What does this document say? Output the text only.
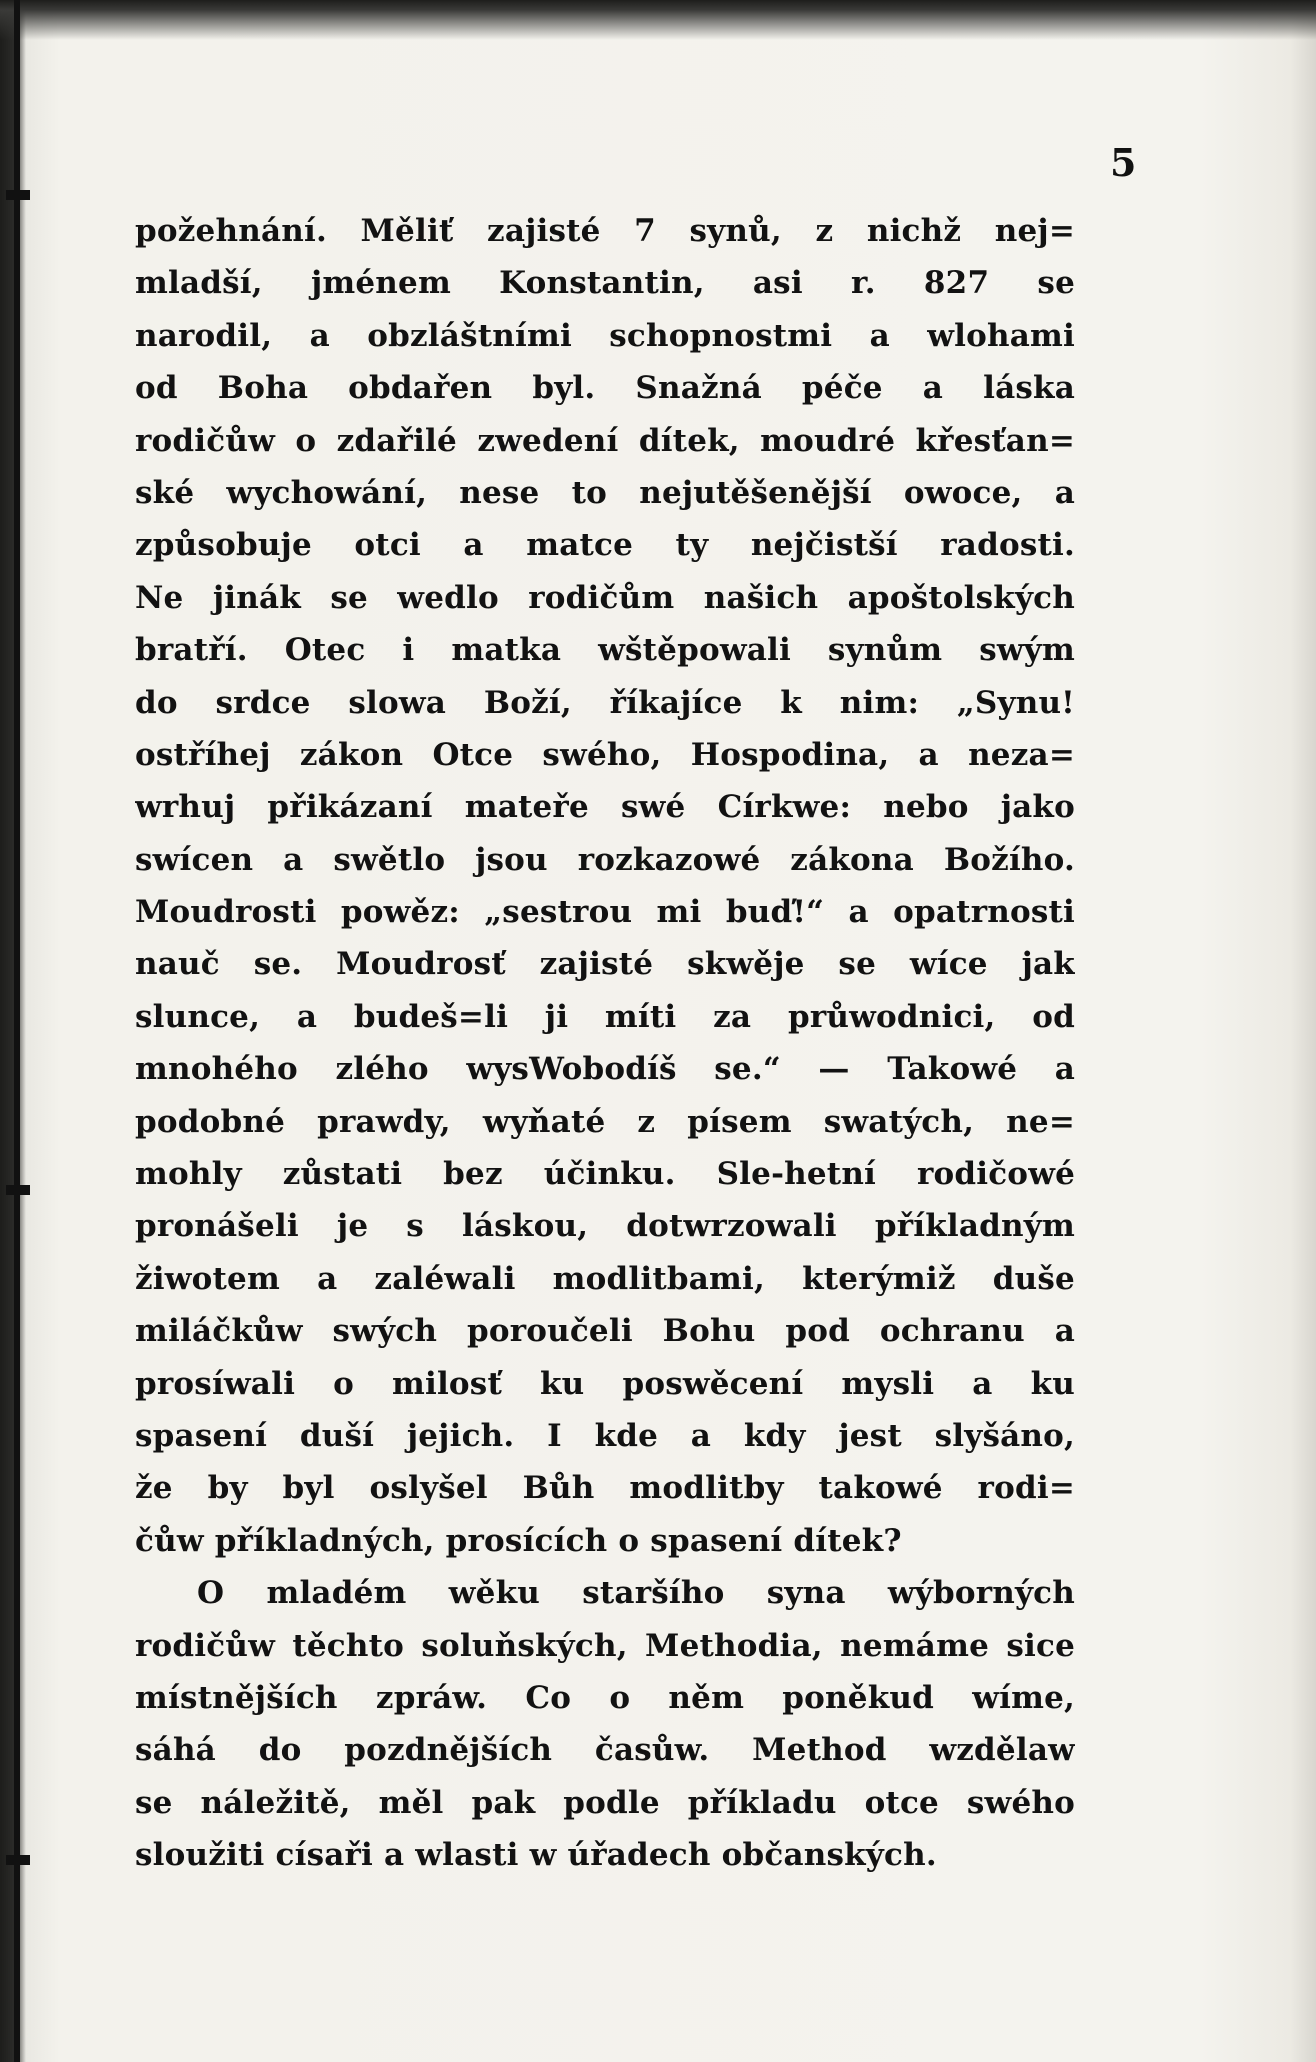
5
požehnání. Měliť zajisté 7 synů, z nichž nej=
mladší, jménem Konstantin, asi r. 827 se
narodil, a obzláštními schopnostmi a wlohami
od Boha obdařen byl. Snažná péče a láska
rodičůw o zdařilé zwedení dítek, moudré křesťan=
ské wychowání, nese to nejutěšenější owoce, a
způsobuje otci a matce ty nejčistší radosti.
Ne jinák se wedlo rodičům našich apoštolských
bratří. Otec i matka wštěpowali synům swým
do srdce slowa Boží, říkajíce k nim: „Synu!
ostříhej zákon Otce swého, Hospodina, a neza=
wrhuj přikázaní mateře swé Církwe: nebo jako
swícen a swětlo jsou rozkazowé zákona Božího.
Moudrosti powěz: „sestrou mi buď!“ a opatrnosti
nauč se. Moudrosť zajisté skwěje se wíce jak
slunce, a budeš=li ji míti za průwodnici, od
mnohého zlého wysWobodíš se.“ — Takowé a
podobné prawdy, wyňaté z písem swatých, ne=
mohly zůstati bez účinku. Sle-hetní rodičowé
pronášeli je s láskou, dotwrzowali příkladným
žiwotem a zaléwali modlitbami, kterýmiž duše
miláčkůw swých poroučeli Bohu pod ochranu a
prosíwali o milosť ku poswěcení mysli a ku
spasení duší jejich. I kde a kdy jest slyšáno,
že by byl oslyšel Bůh modlitby takowé rodi=
čůw příkladných, prosících o spasení dítek?
O mladém wěku staršího syna wýborných
rodičůw těchto soluňských, Methodia, nemáme sice
místnějších zpráw. Co o něm poněkud wíme,
sáhá do pozdnějších časůw. Method wzdělaw
se náležitě, měl pak podle příkladu otce swého
sloužiti císaři a wlasti w úřadech občanských.
